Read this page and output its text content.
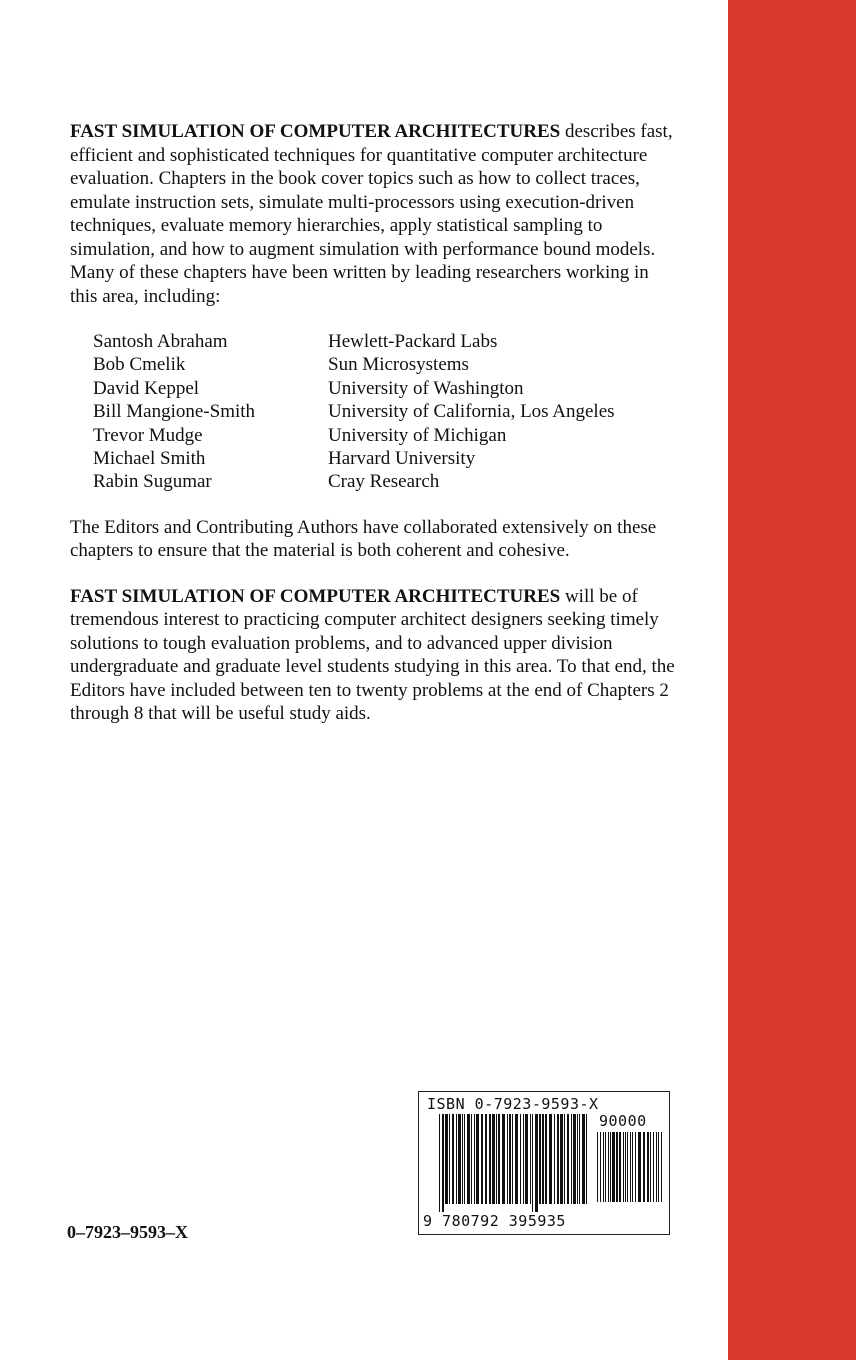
FAST SIMULATION OF COMPUTER ARCHITECTURES describes fast, efficient and sophisticated techniques for quantitative computer architecture evaluation. Chapters in the book cover topics such as how to collect traces, emulate instruction sets, simulate multi-processors using execution-driven techniques, evaluate memory hierarchies, apply statistical sampling to simulation, and how to augment simulation with performance bound models. Many of these chapters have been written by leading researchers working in this area, including:

Santosh Abraham	Hewlett-Packard Labs
Bob Cmelik	Sun Microsystems
David Keppel	University of Washington
Bill Mangione-Smith	University of California, Los Angeles
Trevor Mudge	University of Michigan
Michael Smith	Harvard University
Rabin Sugumar	Cray Research

The Editors and Contributing Authors have collaborated extensively on these chapters to ensure that the material is both coherent and cohesive.

FAST SIMULATION OF COMPUTER ARCHITECTURES will be of tremendous interest to practicing computer architect designers seeking timely solutions to tough evaluation problems, and to advanced upper division undergraduate and graduate level students studying in this area. To that end, the Editors have included between ten to twenty problems at the end of Chapters 2 through 8 that will be useful study aids.

ISBN 0-7923-9593-X
90000
9 780792 395935
0–7923–9593–X
